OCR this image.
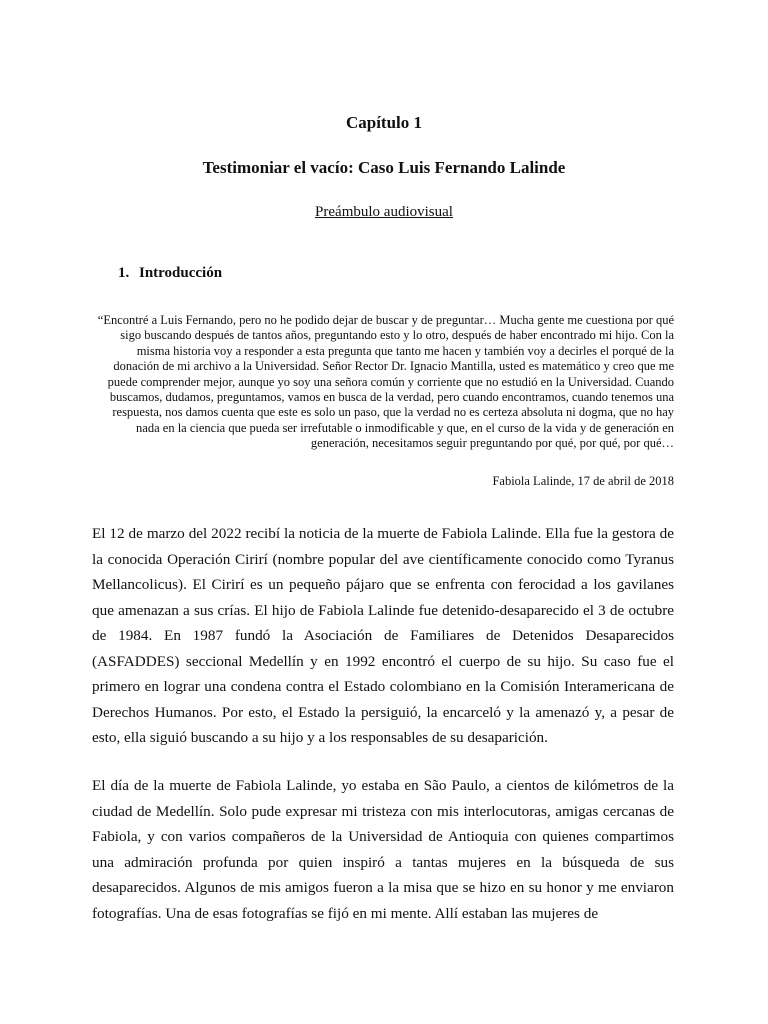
Capítulo 1
Testimoniar el vacío: Caso Luis Fernando Lalinde

Preámbulo audiovisual

1. Introducción

“Encontré a Luis Fernando, pero no he podido dejar de buscar y de preguntar… Mucha gente me cuestiona por qué sigo buscando después de tantos años, preguntando esto y lo otro, después de haber encontrado mi hijo. Con la misma historia voy a responder a esta pregunta que tanto me hacen y también voy a decirles el porqué de la donación de mi archivo a la Universidad. Señor Rector Dr. Ignacio Mantilla, usted es matemático y creo que me puede comprender mejor, aunque yo soy una señora común y corriente que no estudió en la Universidad. Cuando buscamos, dudamos, preguntamos, vamos en busca de la verdad, pero cuando encontramos, cuando tenemos una respuesta, nos damos cuenta que este es solo un paso, que la verdad no es certeza absoluta ni dogma, que no hay nada en la ciencia que pueda ser irrefutable o inmodificable y que, en el curso de la vida y de generación en generación, necesitamos seguir preguntando por qué, por qué, por qué…

Fabiola Lalinde, 17 de abril de 2018

El 12 de marzo del 2022 recibí la noticia de la muerte de Fabiola Lalinde. Ella fue la gestora de la conocida Operación Cirirí (nombre popular del ave científicamente conocido como Tyranus Mellancolicus). El Cirirí es un pequeño pájaro que se enfrenta con ferocidad a los gavilanes que amenazan a sus crías. El hijo de Fabiola Lalinde fue detenido-desaparecido el 3 de octubre de 1984. En 1987 fundó la Asociación de Familiares de Detenidos Desaparecidos (ASFADDES) seccional Medellín y en 1992 encontró el cuerpo de su hijo. Su caso fue el primero en lograr una condena contra el Estado colombiano en la Comisión Interamericana de Derechos Humanos. Por esto, el Estado la persiguió, la encarceló y la amenazó y, a pesar de esto, ella siguió buscando a su hijo y a los responsables de su desaparición.

El día de la muerte de Fabiola Lalinde, yo estaba en São Paulo, a cientos de kilómetros de la ciudad de Medellín. Solo pude expresar mi tristeza con mis interlocutoras, amigas cercanas de Fabiola, y con varios compañeros de la Universidad de Antioquia con quienes compartimos una admiración profunda por quien inspiró a tantas mujeres en la búsqueda de sus desaparecidos. Algunos de mis amigos fueron a la misa que se hizo en su honor y me enviaron fotografías. Una de esas fotografías se fijó en mi mente. Allí estaban las mujeres de
